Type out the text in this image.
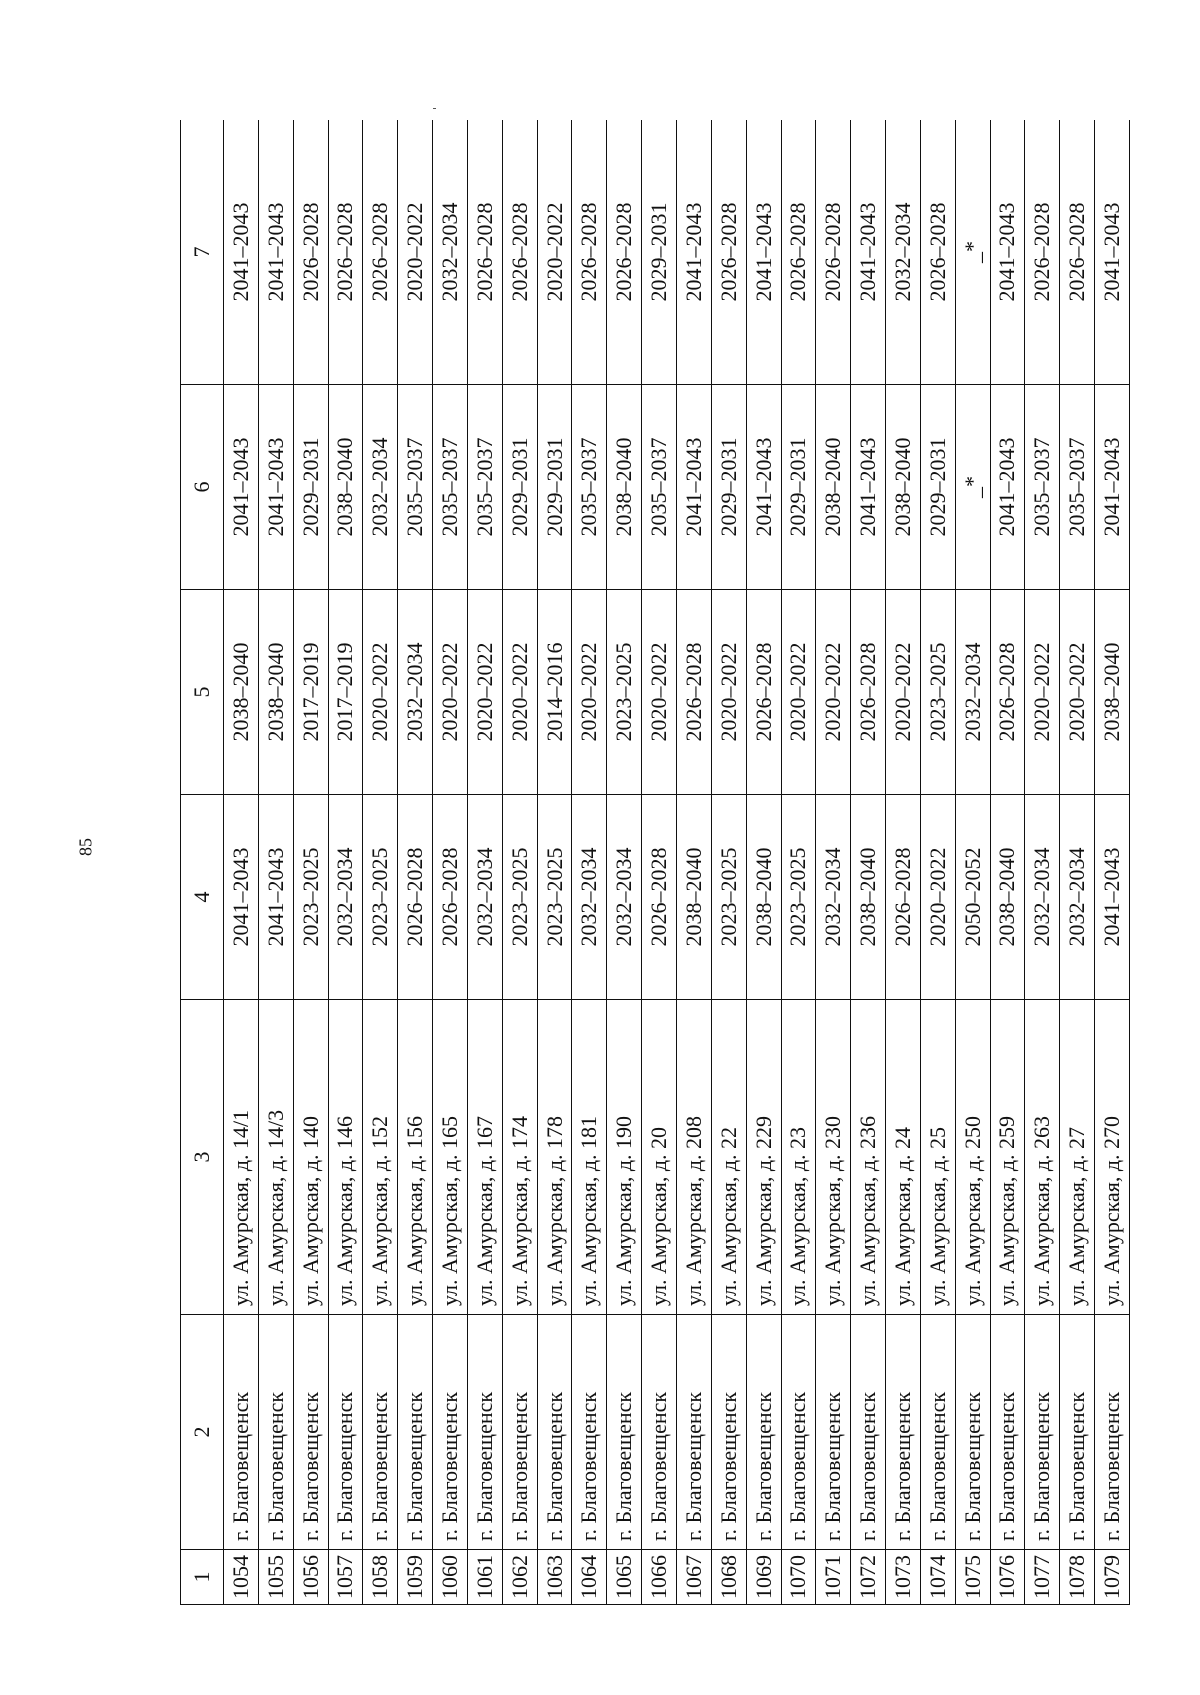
85
1	2	3	4	5	6	7
1054	г. Благовещенск	ул. Амурская, д. 14/1	2041–2043	2038–2040	2041–2043	2041–2043
1055	г. Благовещенск	ул. Амурская, д. 14/3	2041–2043	2038–2040	2041–2043	2041–2043
1056	г. Благовещенск	ул. Амурская, д. 140	2023–2025	2017–2019	2029–2031	2026–2028
1057	г. Благовещенск	ул. Амурская, д. 146	2032–2034	2017–2019	2038–2040	2026–2028
1058	г. Благовещенск	ул. Амурская, д. 152	2023–2025	2020–2022	2032–2034	2026–2028
1059	г. Благовещенск	ул. Амурская, д. 156	2026–2028	2032–2034	2035–2037	2020–2022
1060	г. Благовещенск	ул. Амурская, д. 165	2026–2028	2020–2022	2035–2037	2032–2034
1061	г. Благовещенск	ул. Амурская, д. 167	2032–2034	2020–2022	2035–2037	2026–2028
1062	г. Благовещенск	ул. Амурская, д. 174	2023–2025	2020–2022	2029–2031	2026–2028
1063	г. Благовещенск	ул. Амурская, д. 178	2023–2025	2014–2016	2029–2031	2020–2022
1064	г. Благовещенск	ул. Амурская, д. 181	2032–2034	2020–2022	2035–2037	2026–2028
1065	г. Благовещенск	ул. Амурская, д. 190	2032–2034	2023–2025	2038–2040	2026–2028
1066	г. Благовещенск	ул. Амурская, д. 20	2026–2028	2020–2022	2035–2037	2029–2031
1067	г. Благовещенск	ул. Амурская, д. 208	2038–2040	2026–2028	2041–2043	2041–2043
1068	г. Благовещенск	ул. Амурская, д. 22	2023–2025	2020–2022	2029–2031	2026–2028
1069	г. Благовещенск	ул. Амурская, д. 229	2038–2040	2026–2028	2041–2043	2041–2043
1070	г. Благовещенск	ул. Амурская, д. 23	2023–2025	2020–2022	2029–2031	2026–2028
1071	г. Благовещенск	ул. Амурская, д. 230	2032–2034	2020–2022	2038–2040	2026–2028
1072	г. Благовещенск	ул. Амурская, д. 236	2038–2040	2026–2028	2041–2043	2041–2043
1073	г. Благовещенск	ул. Амурская, д. 24	2026–2028	2020–2022	2038–2040	2032–2034
1074	г. Благовещенск	ул. Амурская, д. 25	2020–2022	2023–2025	2029–2031	2026–2028
1075	г. Благовещенск	ул. Амурская, д. 250	2050–2052	2032–2034	_*	_*
1076	г. Благовещенск	ул. Амурская, д. 259	2038–2040	2026–2028	2041–2043	2041–2043
1077	г. Благовещенск	ул. Амурская, д. 263	2032–2034	2020–2022	2035–2037	2026–2028
1078	г. Благовещенск	ул. Амурская, д. 27	2032–2034	2020–2022	2035–2037	2026–2028
1079	г. Благовещенск	ул. Амурская, д. 270	2041–2043	2038–2040	2041–2043	2041–2043
